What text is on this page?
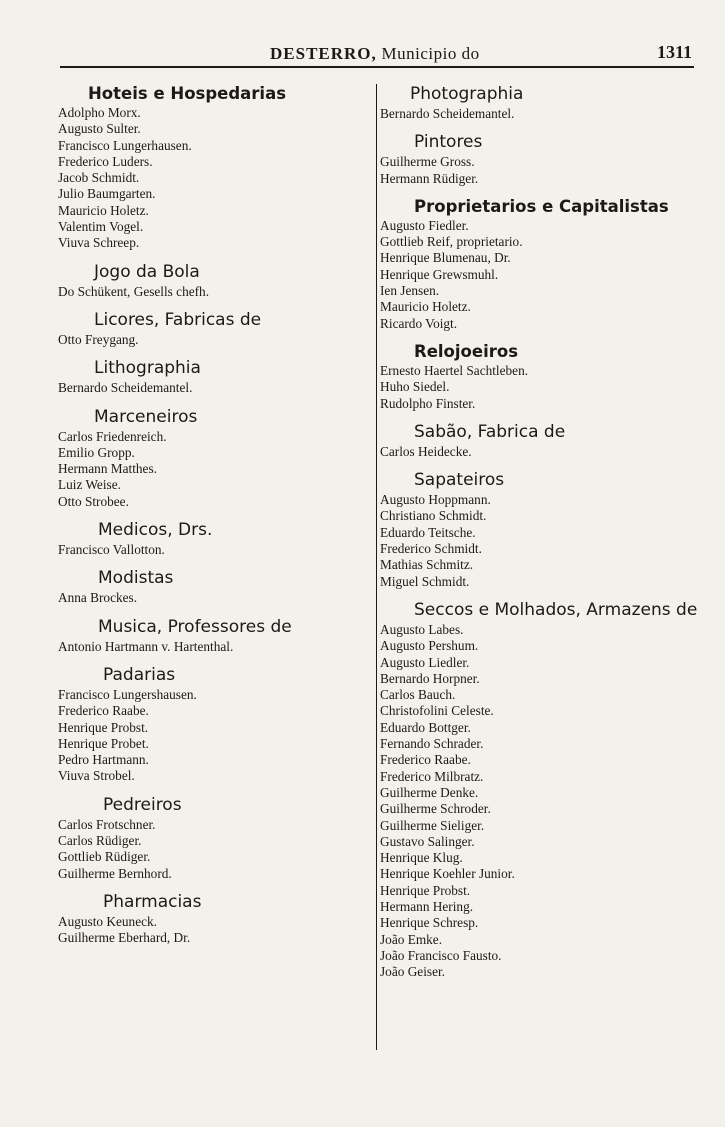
DESTERRO, Municipio do	1311
Hoteis e Hospedarias
Adolpho Morx.
Augusto Sulter.
Francisco Lungerhausen.
Frederico Luders.
Jacob Schmidt.
Julio Baumgarten.
Mauricio Holetz.
Valentim Vogel.
Viuva Schreep.
Jogo da Bola
Do Schükent, Gesells chefh.
Licores, Fabricas de
Otto Freygang.
Lithographia
Bernardo Scheidemantel.
Marceneiros
Carlos Friedenreich.
Emilio Gropp.
Hermann Matthes.
Luiz Weise.
Otto Strobee.
Medicos, Drs.
Francisco Vallotton.
Modistas
Anna Brockes.
Musica, Professores de
Antonio Hartmann v. Hartenthal.
Padarias
Francisco Lungershausen.
Frederico Raabe.
Henrique Probst.
Henrique Probet.
Pedro Hartmann.
Viuva Strobel.
Pedreiros
Carlos Frotschner.
Carlos Rüdiger.
Gottlieb Rüdiger.
Guilherme Bernhord.
Pharmacias
Augusto Keuneck.
Guilherme Eberhard, Dr.
Photographia
Bernardo Scheidemantel.
Pintores
Guilherme Gross.
Hermann Rüdiger.
Proprietarios e Capitalistas
Augusto Fiedler.
Gottlieb Reif, proprietario.
Henrique Blumenau, Dr.
Henrique Grewsmuhl.
Ien Jensen.
Mauricio Holetz.
Ricardo Voigt.
Relojoeiros
Ernesto Haertel Sachtleben.
Huho Siedel.
Rudolpho Finster.
Sabão, Fabrica de
Carlos Heidecke.
Sapateiros
Augusto Hoppmann.
Christiano Schmidt.
Eduardo Teitsche.
Frederico Schmidt.
Mathias Schmitz.
Miguel Schmidt.
Seccos e Molhados, Armazens de
Augusto Labes.
Augusto Pershum.
Augusto Liedler.
Bernardo Horpner.
Carlos Bauch.
Christofolini Celeste.
Eduardo Bottger.
Fernando Schrader.
Frederico Raabe.
Frederico Milbratz.
Guilherme Denke.
Guilherme Schroder.
Guilherme Sieliger.
Gustavo Salinger.
Henrique Klug.
Henrique Koehler Junior.
Henrique Probst.
Hermann Hering.
Henrique Schresp.
João Emke.
João Francisco Fausto.
João Geiser.
